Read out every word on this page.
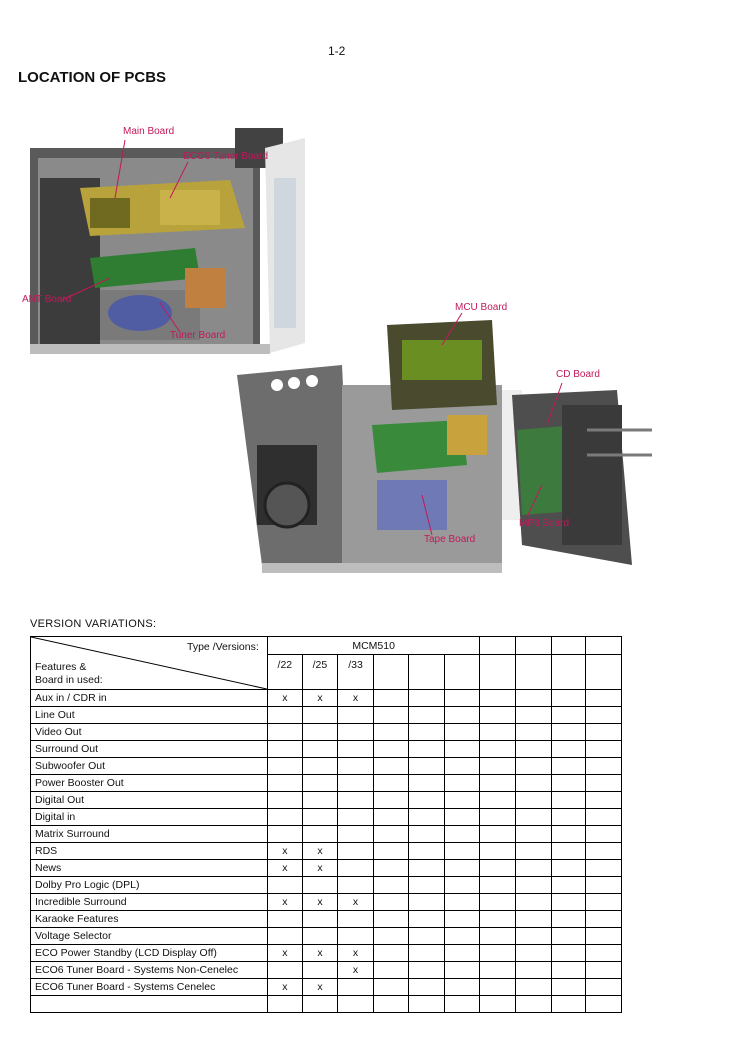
1-2
LOCATION OF PCBS
Main Board
ECO6 Tuner Board
ANT Board
Tuner Board
MCU Board
CD Board
Tape Board
MP3 Board
VERSION VARIATIONS:
Type /Versions:
Features &
Board in used:	MCM510									
	/22	/25	/33							
Aux in / CDR in	x	x	x							
Line Out										
Video Out										
Surround Out										
Subwoofer Out										
Power Booster Out										
Digital Out										
Digital in										
Matrix Surround										
RDS	x	x								
News	x	x								
Dolby Pro Logic (DPL)										
Incredible Surround	x	x	x							
Karaoke Features										
Voltage Selector										
ECO Power Standby (LCD Display Off)	x	x	x							
ECO6 Tuner Board - Systems Non-Cenelec			x							
ECO6 Tuner Board - Systems Cenelec	x	x								
